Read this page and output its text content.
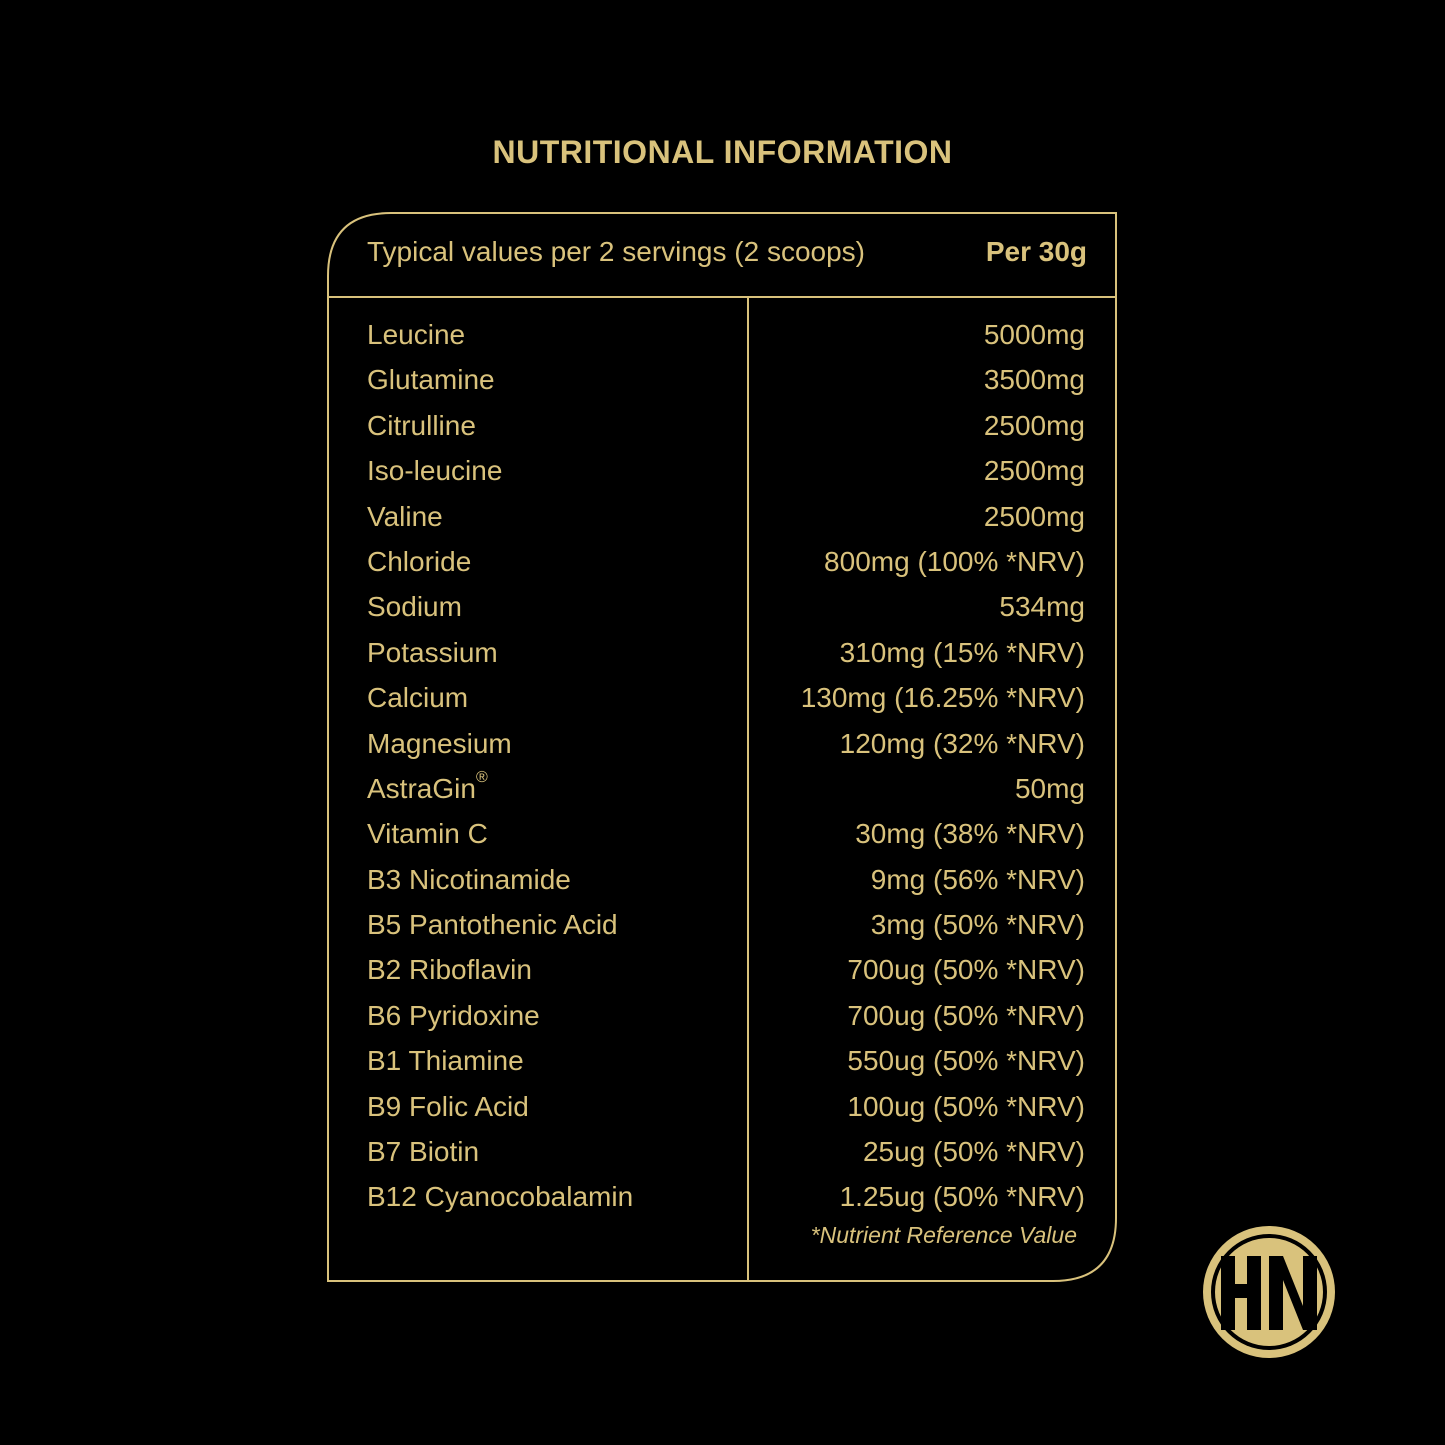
NUTRITIONAL INFORMATION
Typical values per 2 servings (2 scoops)	Per 30g
Leucine	5000mg
Glutamine	3500mg
Citrulline	2500mg
Iso-leucine	2500mg
Valine	2500mg
Chloride	800mg (100% *NRV)
Sodium	534mg
Potassium	310mg (15% *NRV)
Calcium	130mg (16.25% *NRV)
Magnesium	120mg (32% *NRV)
AstraGin®	50mg
Vitamin C	30mg (38% *NRV)
B3 Nicotinamide	9mg (56% *NRV)
B5 Pantothenic Acid	3mg (50% *NRV)
B2 Riboflavin	700ug (50% *NRV)
B6 Pyridoxine	700ug (50% *NRV)
B1 Thiamine	550ug (50% *NRV)
B9 Folic Acid	100ug (50% *NRV)
B7 Biotin	25ug (50% *NRV)
B12 Cyanocobalamin	1.25ug (50% *NRV)
*Nutrient Reference Value
